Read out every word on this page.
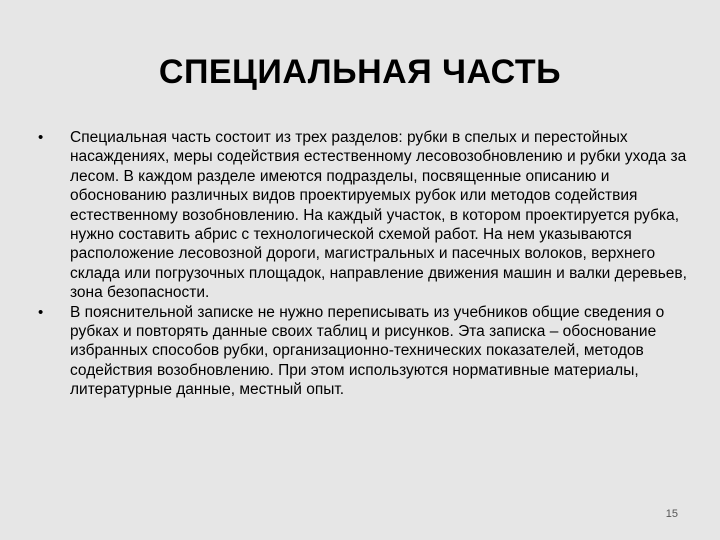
СПЕЦИАЛЬНАЯ ЧАСТЬ
•	Специальная часть состоит из трех разделов: рубки в спелых и перестойных насаждениях, меры содействия естественному лесовозобновлению и рубки ухода за лесом. В каждом разделе имеются подразделы, посвященные описанию и обоснованию различных видов проектируемых рубок или методов содействия естественному возобновлению. На каждый участок, в котором проектируется рубка, нужно составить абрис с технологической схемой работ. На нем указываются расположение лесовозной дороги, магистральных и пасечных волоков, верхнего склада или погрузочных площадок, направление движения машин и валки деревьев, зона безопасности.
•	В пояснительной записке не нужно переписывать из учебников общие сведения о рубках и повторять данные своих таблиц и рисунков. Эта записка – обоснование избранных способов рубки, организационно-технических показателей, методов содействия возобновлению. При этом используются нормативные материалы, литературные данные, местный опыт.
15
